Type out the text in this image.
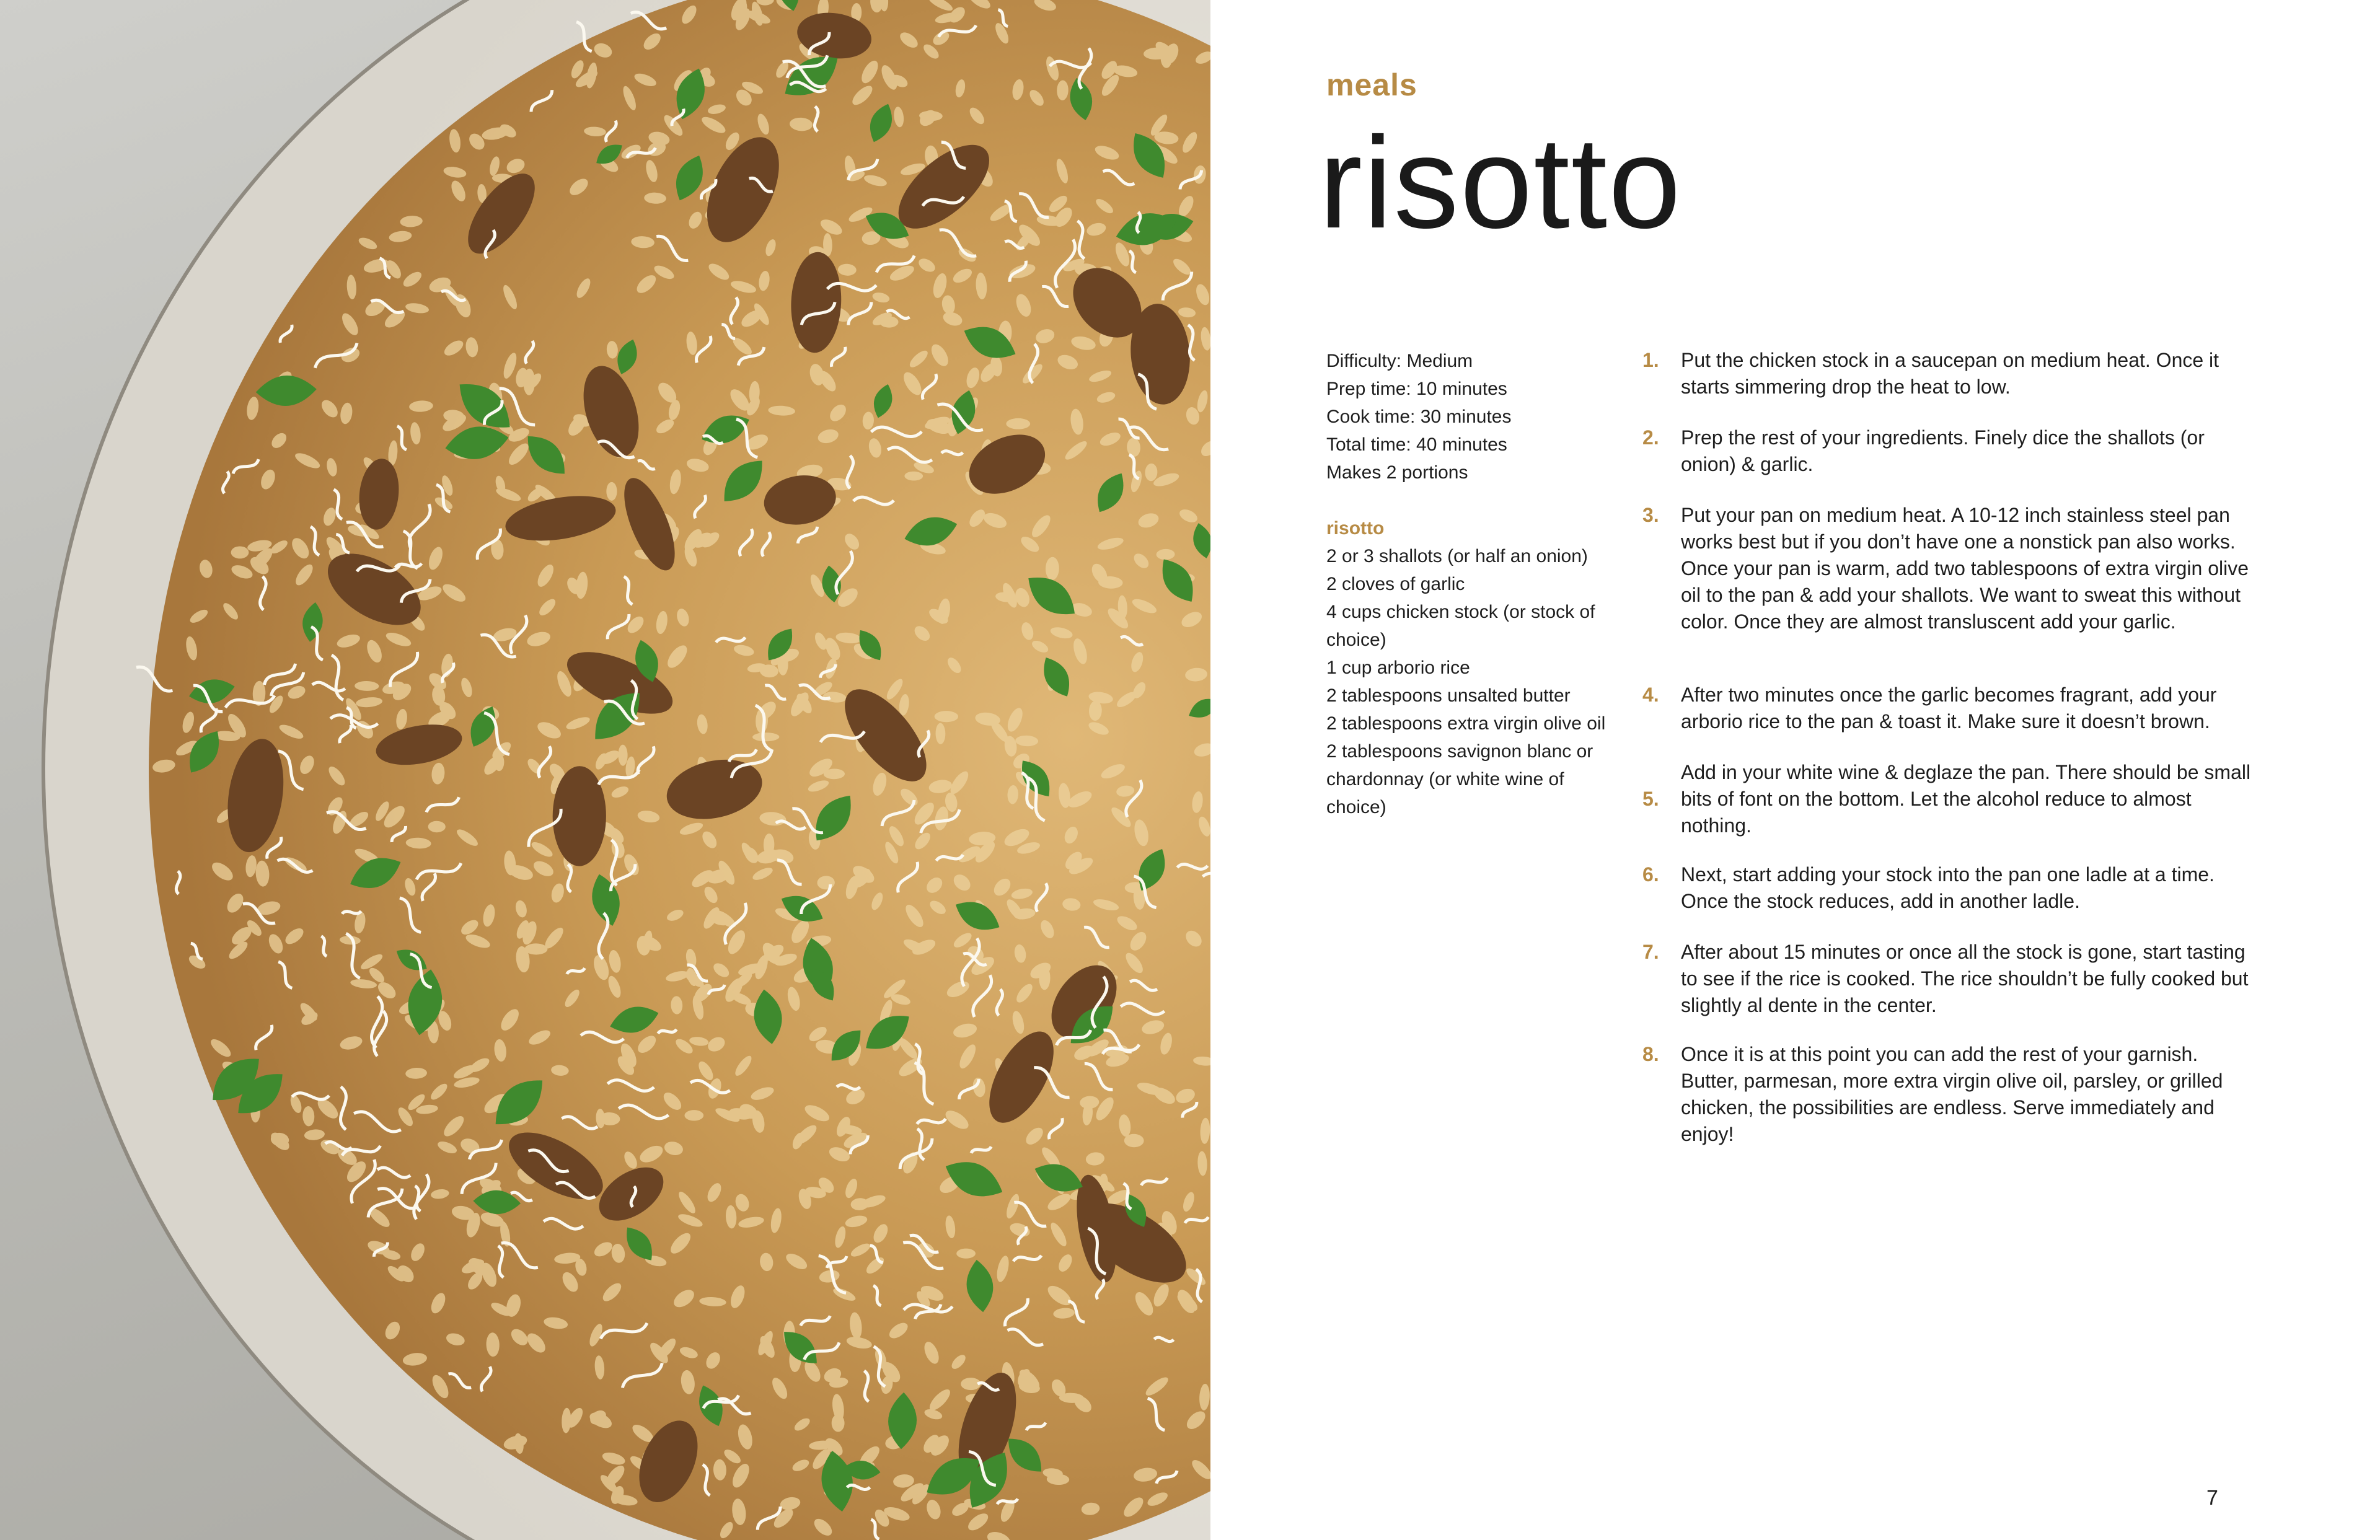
meals
risotto
Difficulty: Medium
Prep time: 10 minutes
Cook time: 30 minutes
Total time: 40 minutes
Makes 2 portions
risotto
2 or 3 shallots (or half an onion)
2 cloves of garlic
4 cups chicken stock (or stock of choice)
1 cup arborio rice
2 tablespoons unsalted butter
2 tablespoons extra virgin olive oil
2 tablespoons savignon blanc or chardonnay (or white wine of choice)
1.	Put the chicken stock in a saucepan on medium heat. Once it starts simmering drop the heat to low.
2.	Prep the rest of your ingredients. Finely dice the shallots (or onion) & garlic.
3.	Put your pan on medium heat. A 10-12 inch stainless steel pan works best but if you don’t have one a nonstick pan also works. Once your pan is warm, add two tablespoons of extra virgin olive oil to the pan & add your shallots. We want to sweat this without color. Once they are almost transluscent add your garlic.
4.	After two minutes once the garlic becomes fragrant, add your arborio rice to the pan & toast it. Make sure it doesn’t brown.
5.
Add in your white wine & deglaze the pan. There should be small bits of font on the bottom. Let the alcohol reduce to almost nothing.
6.	Next, start adding your stock into the pan one ladle at a time. Once the stock reduces, add in another ladle.
7.	After about 15 minutes or once all the stock is gone, start tasting to see if the rice is cooked. The rice shouldn’t be fully cooked but slightly al dente in the center.
8.	Once it is at this point you can add the rest of your garnish. Butter, parmesan, more extra virgin olive oil, parsley, or grilled chicken, the possibilities are endless. Serve immediately and enjoy!
7
